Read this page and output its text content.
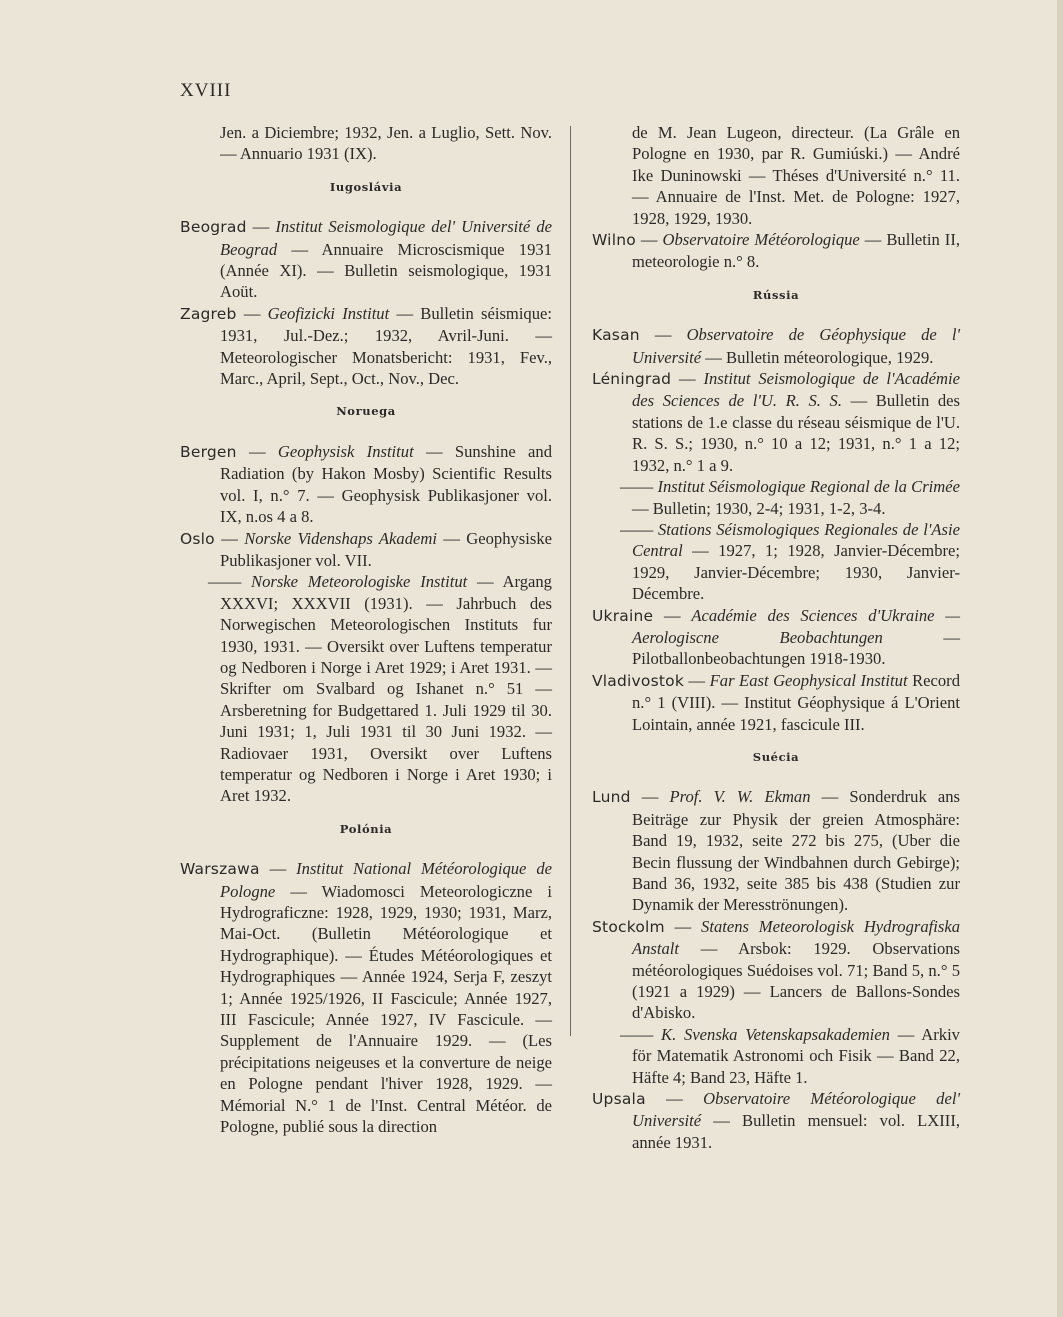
XVIII

Jen. a Diciembre; 1932, Jen. a Luglio, Sett. Nov. — Annuario 1931 (IX).

Iugoslávia

Beograd — Institut Seismologique del' Université de Beograd — Annuaire Microscismique 1931 (Année XI). — Bulletin seismologique, 1931 Aoüt.

Zagreb — Geofizicki Institut — Bulletin séismique: 1931, Jul.-Dez.; 1932, Avril-Juni. — Meteorologischer Monatsbericht: 1931, Fev., Marc., April, Sept., Oct., Nov., Dec.

Noruega

Bergen — Geophysisk Institut — Sunshine and Radiation (by Hakon Mosby) Scientific Results vol. I, n.° 7. — Geophysisk Publikasjoner vol. IX, n.os 4 a 8.

Oslo — Norske Videnshaps Akademi — Geophysiske Publikasjoner vol. VII.

—— Norske Meteorologiske Institut — Argang XXXVI; XXXVII (1931). — Jahrbuch des Norwegischen Meteorologischen Instituts fur 1930, 1931. — Oversikt over Luftens temperatur og Nedboren i Norge i Aret 1929; i Aret 1931. — Skrifter om Svalbard og Ishanet n.° 51 — Arsberetning for Budgettared 1. Juli 1929 til 30. Juni 1931; 1, Juli 1931 til 30 Juni 1932. — Radiovaer 1931, Oversikt over Luftens temperatur og Nedboren i Norge i Aret 1930; i Aret 1932.

Polónia

Warszawa — Institut National Météorologique de Pologne — Wiadomosci Meteorologiczne i Hydrograficzne: 1928, 1929, 1930; 1931, Marz, Mai-Oct. (Bulletin Météorologique et Hydrographique). — Études Météorologiques et Hydrographiques — Année 1924, Serja F, zeszyt 1; Année 1925/1926, II Fascicule; Année 1927, III Fascicule; Année 1927, IV Fascicule. — Supplement de l'Annuaire 1929. — (Les précipitations neigeuses et la converture de neige en Pologne pendant l'hiver 1928, 1929. — Mémorial N.° 1 de l'Inst. Central Météor. de Pologne, publié sous la direction

de M. Jean Lugeon, directeur. (La Grâle en Pologne en 1930, par R. Gumiúski.) — André Ike Duninowski — Théses d'Université n.° 11. — Annuaire de l'Inst. Met. de Pologne: 1927, 1928, 1929, 1930.

Wilno — Observatoire Météorologique — Bulletin II, meteorologie n.° 8.

Rússia

Kasan — Observatoire de Géophysique de l' Université — Bulletin méteorologique, 1929.

Léningrad — Institut Seismologique de l'Académie des Sciences de l'U. R. S. S. — Bulletin des stations de 1.e classe du réseau séismique de l'U. R. S. S.; 1930, n.° 10 a 12; 1931, n.° 1 a 12; 1932, n.° 1 a 9.

—— Institut Séismologique Regional de la Crimée — Bulletin; 1930, 2-4; 1931, 1-2, 3-4.

—— Stations Séismologiques Regionales de l'Asie Central — 1927, 1; 1928, Janvier-Décembre; 1929, Janvier-Décembre; 1930, Janvier-Décembre.

Ukraine — Académie des Sciences d'Ukraine — Aerologiscne Beobachtungen — Pilotballonbeobachtungen 1918-1930.

Vladivostok — Far East Geophysical Institut Record n.° 1 (VIII). — Institut Géophysique á L'Orient Lointain, année 1921, fascicule III.

Suécia

Lund — Prof. V. W. Ekman — Sonderdruk ans Beiträge zur Physik der greien Atmosphäre: Band 19, 1932, seite 272 bis 275, (Uber die Becin flussung der Windbahnen durch Gebirge); Band 36, 1932, seite 385 bis 438 (Studien zur Dynamik der Meresströnungen).

Stockolm — Statens Meteorologisk Hydrografiska Anstalt — Arsbok: 1929. Observations météorologiques Suédoises vol. 71; Band 5, n.° 5 (1921 a 1929) — Lancers de Ballons-Sondes d'Abisko.

—— K. Svenska Vetenskapsakademien — Arkiv för Matematik Astronomi och Fisik — Band 22, Häfte 4; Band 23, Häfte 1.

Upsala — Observatoire Météorologique del' Université — Bulletin mensuel: vol. LXIII, année 1931.
